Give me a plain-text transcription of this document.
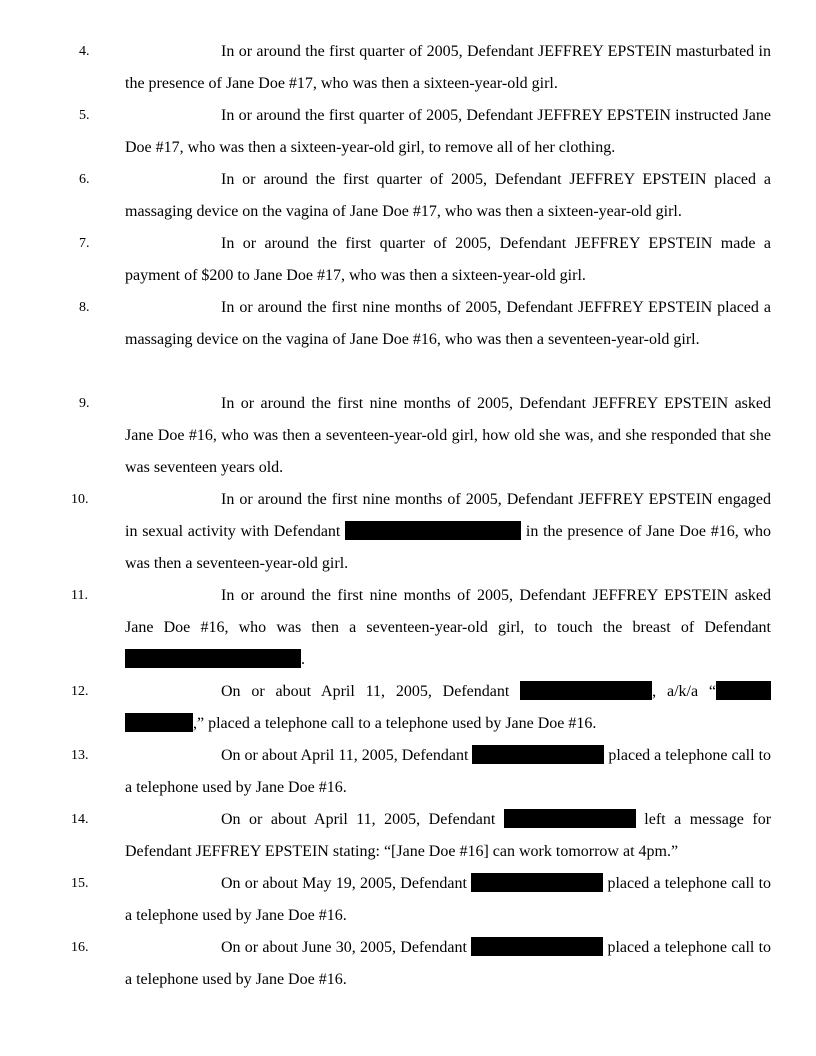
4.	In or around the first quarter of 2005, Defendant JEFFREY EPSTEIN masturbated in the presence of Jane Doe #17, who was then a sixteen-year-old girl.
5.	In or around the first quarter of 2005, Defendant JEFFREY EPSTEIN instructed Jane Doe #17, who was then a sixteen-year-old girl, to remove all of her clothing.
6.	In or around the first quarter of 2005, Defendant JEFFREY EPSTEIN placed a massaging device on the vagina of Jane Doe #17, who was then a sixteen-year-old girl.
7.	In or around the first quarter of 2005, Defendant JEFFREY EPSTEIN made a payment of $200 to Jane Doe #17, who was then a sixteen-year-old girl.
8.	In or around the first nine months of 2005, Defendant JEFFREY EPSTEIN placed a massaging device on the vagina of Jane Doe #16, who was then a seventeen-year-old girl.
9.	In or around the first nine months of 2005, Defendant JEFFREY EPSTEIN asked Jane Doe #16, who was then a seventeen-year-old girl, how old she was, and she responded that she was seventeen years old.
10.	In or around the first nine months of 2005, Defendant JEFFREY EPSTEIN engaged in sexual activity with Defendant	in the presence of Jane Doe #16, who was then a seventeen-year-old girl.
11.	In or around the first nine months of 2005, Defendant JEFFREY EPSTEIN asked Jane Doe #16, who was then a seventeen-year-old girl, to touch the breast of Defendant .
12.	On or about April 11, 2005, Defendant	, a/k/a “ ,” placed a telephone call to a telephone used by Jane Doe #16.
13.	On or about April 11, 2005, Defendant	placed a telephone call to a telephone used by Jane Doe #16.
14.	On or about April 11, 2005, Defendant	left a message for Defendant JEFFREY EPSTEIN stating: “[Jane Doe #16] can work tomorrow at 4pm.”
15.	On or about May 19, 2005, Defendant	placed a telephone call to a telephone used by Jane Doe #16.
16.	On or about June 30, 2005, Defendant	placed a telephone call to a telephone used by Jane Doe #16.
